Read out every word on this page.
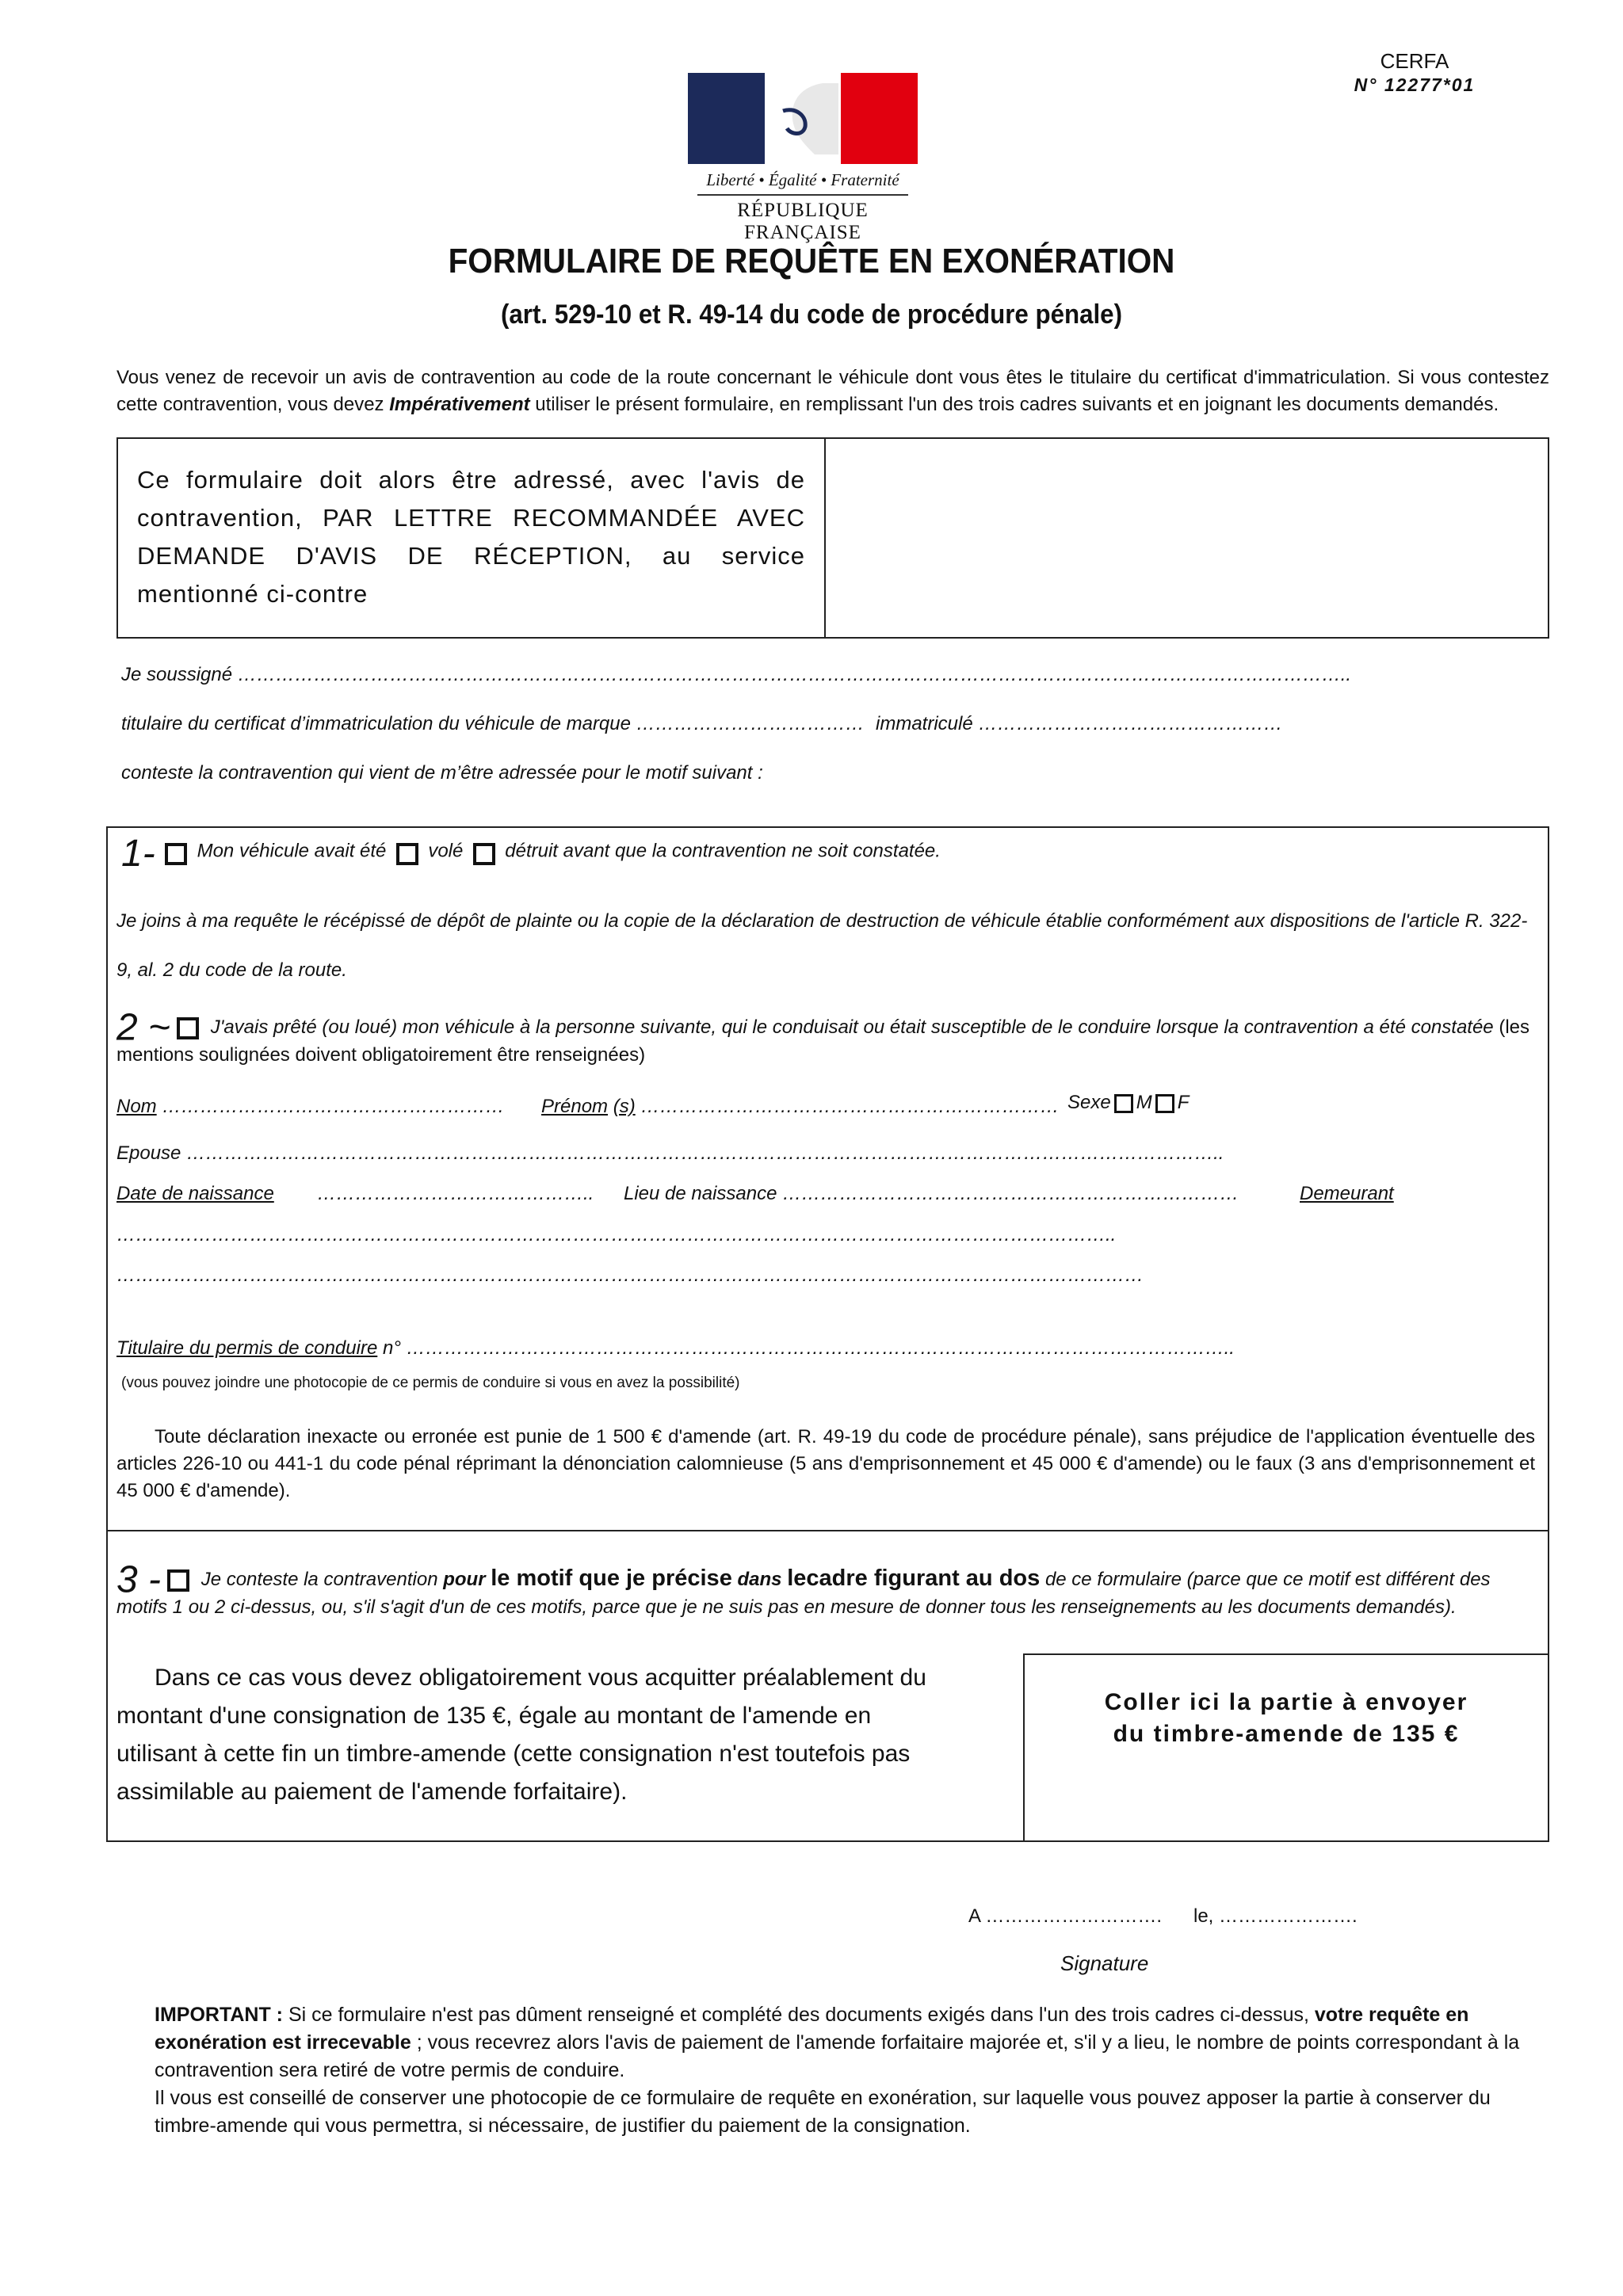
CERFA
N° 12277*01
Liberté • Égalité • Fraternité
RÉPUBLIQUE FRANÇAISE
FORMULAIRE DE REQUÊTE EN EXONÉRATION
(art. 529-10 et R. 49-14 du code de procédure pénale)
Vous venez de recevoir un avis de contravention au code de la route concernant le véhicule dont vous êtes le titulaire du certificat d'immatriculation. Si vous contestez cette contravention, vous devez Impérativement utiliser le présent formulaire, en remplissant l'un des trois cadres suivants et en joignant les documents demandés.
Ce formulaire doit alors être adressé, avec l'avis de contravention, PAR LETTRE RECOMMANDÉE AVEC DEMANDE D'AVIS DE RÉCEPTION, au service mentionné ci-contre
Je soussigné …………………………………………………………………………………………………………………………………………………………..
titulaire du certificat d’immatriculation du véhicule de marque ……………………………… immatriculé …………………………………………
conteste la contravention qui vient de m’être adressée pour le motif suivant :
1- Mon véhicule avait été volé détruit avant que la contravention ne soit constatée.
Je joins à ma requête le récépissé de dépôt de plainte ou la copie de la déclaration de destruction de véhicule établie conformément aux dispositions de l'article R. 322-9, al. 2 du code de la route.
2 ~ J'avais prêté (ou loué) mon véhicule à la personne suivante, qui le conduisait ou était susceptible de le conduire lorsque la contravention a été constatée (les mentions soulignées doivent obligatoirement être renseignées)
Nom ……………………………………………… Prénom (s) ………………………………………………………… Sexe M F
Epouse ………………………………………………………………………………………………………………………………………………..
Date de naissance …………………………………….. Lieu de naissance ………………………………………………………………	Demeurant
…………………………………………………………………………………………………………………………………………..
………………………………………………………………………………………………………………………………………………
Titulaire du permis de conduire n° …………………………………………………………………………………………………………………..
(vous pouvez joindre une photocopie de ce permis de conduire si vous en avez la possibilité)
Toute déclaration inexacte ou erronée est punie de 1 500 € d'amende (art. R. 49-19 du code de procédure pénale), sans préjudice de l'application éventuelle des articles 226-10 ou 441-1 du code pénal réprimant la dénonciation calomnieuse (5 ans d'emprisonnement et 45 000 € d'amende) ou le faux (3 ans d'emprisonnement et 45 000 € d'amende).
3 - Je conteste la contravention pour le motif que je précise dans lecadre figurant au dos de ce formulaire (parce que ce motif est différent des motifs 1 ou 2 ci-dessus, ou, s'il s'agit d'un de ces motifs, parce que je ne suis pas en mesure de donner tous les renseignements au les documents demandés).
Dans ce cas vous devez obligatoirement vous acquitter préalablement du montant d'une consignation de 135 €, égale au montant de l'amende en utilisant à cette fin un timbre-amende (cette consignation n'est toutefois pas assimilable au paiement de l'amende forfaitaire).
Coller ici la partie à envoyer
du timbre-amende de 135 €
A ………………………. le, ………………….
Signature
IMPORTANT : Si ce formulaire n'est pas dûment renseigné et complété des documents exigés dans l'un des trois cadres ci-dessus, votre requête en exonération est irrecevable ; vous recevrez alors l'avis de paiement de l'amende forfaitaire majorée et, s'il y a lieu, le nombre de points correspondant à la contravention sera retiré de votre permis de conduire.
Il vous est conseillé de conserver une photocopie de ce formulaire de requête en exonération, sur laquelle vous pouvez apposer la partie à conserver du timbre-amende qui vous permettra, si nécessaire, de justifier du paiement de la consignation.
